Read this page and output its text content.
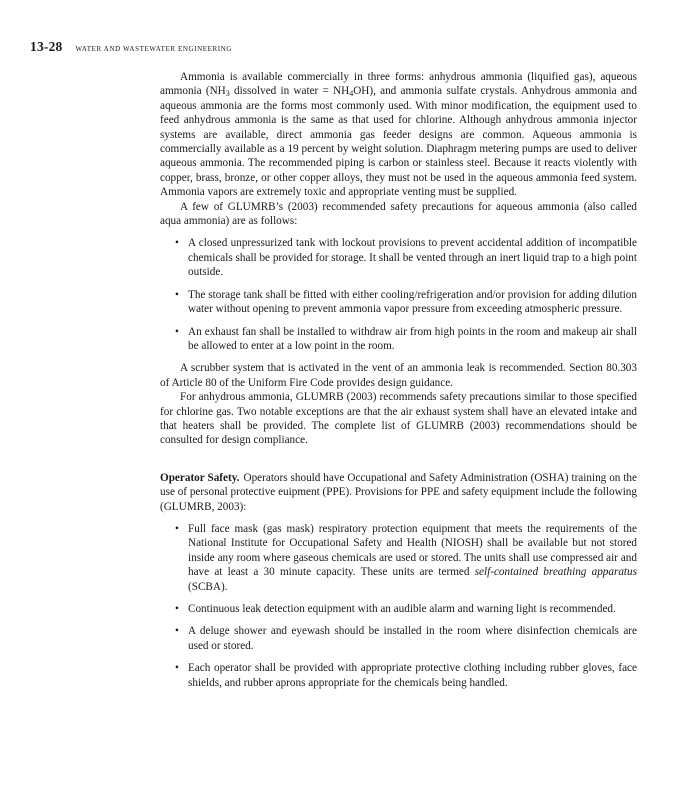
13-28 WATER AND WASTEWATER ENGINEERING

Ammonia is available commercially in three forms: anhydrous ammonia (liquified gas), aqueous ammonia ($NH_3$ dissolved in water = $NH_4OH$), and ammonia sulfate crystals. Anhydrous ammonia and aqueous ammonia are the forms most commonly used. With minor modification, the equipment used to feed anhydrous ammonia is the same as that used for chlorine. Although anhydrous ammonia injector systems are available, direct ammonia gas feeder designs are common. Aqueous ammonia is commercially available as a 19 percent by weight solution. Diaphragm metering pumps are used to deliver aqueous ammonia. The recommended piping is carbon or stainless steel. Because it reacts violently with copper, brass, bronze, or other copper alloys, they must not be used in the aqueous ammonia feed system. Ammonia vapors are extremely toxic and appropriate venting must be supplied.

A few of GLUMRB’s (2003) recommended safety precautions for aqueous ammonia (also called aqua ammonia) are as follows:

• A closed unpressurized tank with lockout provisions to prevent accidental addition of incompatible chemicals shall be provided for storage. It shall be vented through an inert liquid trap to a high point outside.
• The storage tank shall be fitted with either cooling/refrigeration and/or provision for adding dilution water without opening to prevent ammonia vapor pressure from exceeding atmospheric pressure.
• An exhaust fan shall be installed to withdraw air from high points in the room and makeup air shall be allowed to enter at a low point in the room.

A scrubber system that is activated in the vent of an ammonia leak is recommended. Section 80.303 of Article 80 of the Uniform Fire Code provides design guidance.

For anhydrous ammonia, GLUMRB (2003) recommends safety precautions similar to those specified for chlorine gas. Two notable exceptions are that the air exhaust system shall have an elevated intake and that heaters shall be provided. The complete list of GLUMRB (2003) recommendations should be consulted for design compliance.

Operator Safety. Operators should have Occupational and Safety Administration (OSHA) training on the use of personal protective euipment (PPE). Provisions for PPE and safety equipment include the following (GLUMRB, 2003):

• Full face mask (gas mask) respiratory protection equipment that meets the requirements of the National Institute for Occupational Safety and Health (NIOSH) shall be available but not stored inside any room where gaseous chemicals are used or stored. The units shall use compressed air and have at least a 30 minute capacity. These units are termed self-contained breathing apparatus (SCBA).
• Continuous leak detection equipment with an audible alarm and warning light is recommended.
• A deluge shower and eyewash should be installed in the room where disinfection chemicals are used or stored.
• Each operator shall be provided with appropriate protective clothing including rubber gloves, face shields, and rubber aprons appropriate for the chemicals being handled.
